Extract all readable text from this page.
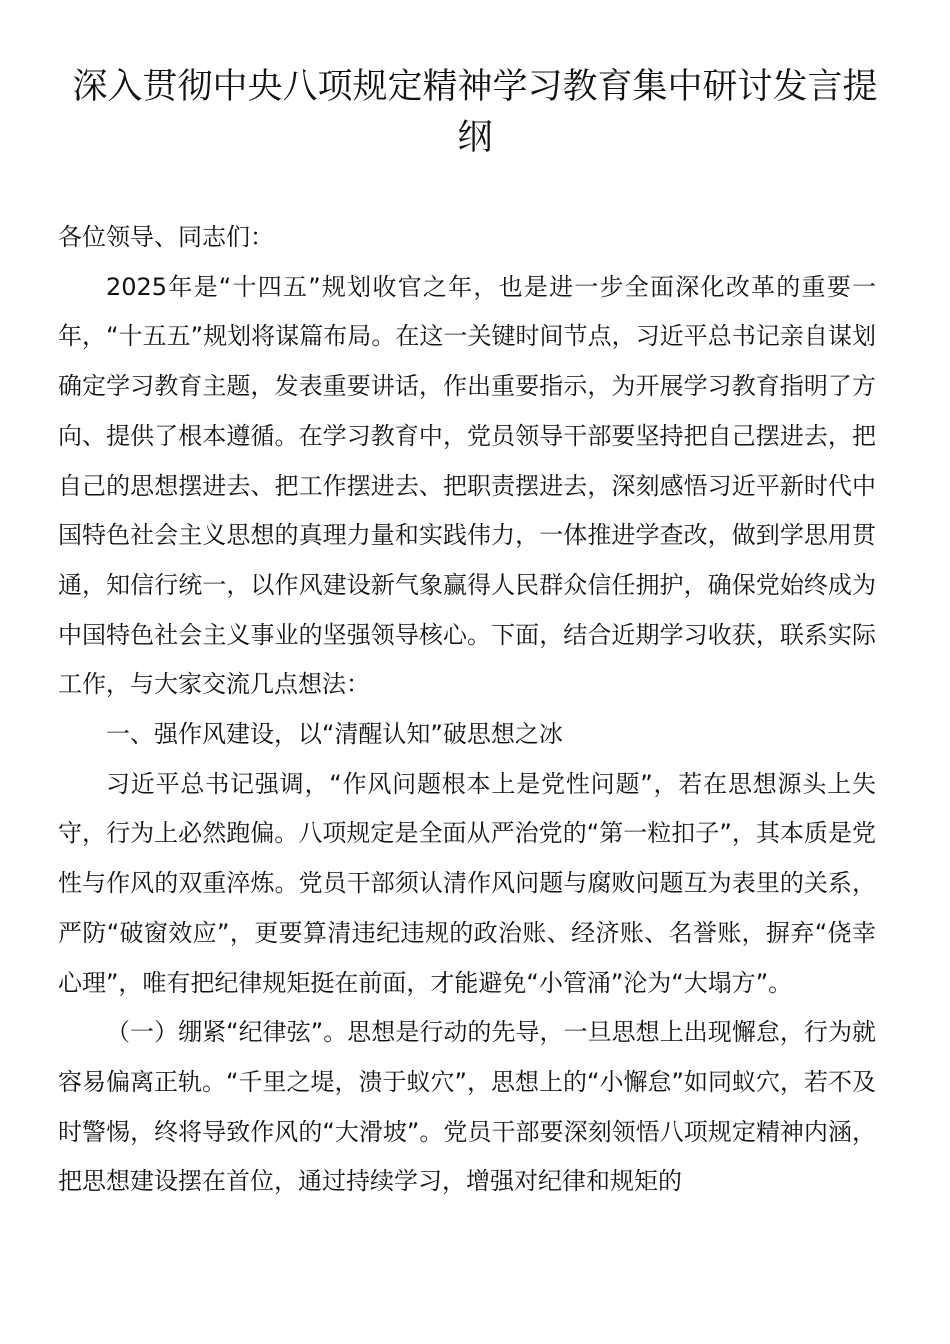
深入贯彻中央八项规定精神学习教育集中研讨发言提纲

各位领导、同志们：

2025年是“十四五”规划收官之年，也是进一步全面深化改革的重要一年，“十五五”规划将谋篇布局。在这一关键时间节点，习近平总书记亲自谋划确定学习教育主题，发表重要讲话，作出重要指示，为开展学习教育指明了方向、提供了根本遵循。在学习教育中，党员领导干部要坚持把自己摆进去，把自己的思想摆进去、把工作摆进去、把职责摆进去，深刻感悟习近平新时代中国特色社会主义思想的真理力量和实践伟力，一体推进学查改，做到学思用贯通，知信行统一，以作风建设新气象赢得人民群众信任拥护，确保党始终成为中国特色社会主义事业的坚强领导核心。下面，结合近期学习收获，联系实际工作，与大家交流几点想法：

一、强作风建设，以“清醒认知”破思想之冰

习近平总书记强调，“作风问题根本上是党性问题”，若在思想源头上失守，行为上必然跑偏。八项规定是全面从严治党的“第一粒扣子”，其本质是党性与作风的双重淬炼。党员干部须认清作风问题与腐败问题互为表里的关系，严防“破窗效应”，更要算清违纪违规的政治账、经济账、名誉账，摒弃“侥幸心理”，唯有把纪律规矩挺在前面，才能避免“小管涌”沦为“大塌方”。

（一）绷紧“纪律弦”。思想是行动的先导，一旦思想上出现懈怠，行为就容易偏离正轨。“千里之堤，溃于蚁穴”，思想上的“小懈怠”如同蚁穴，若不及时警惕，终将导致作风的“大滑坡”。党员干部要深刻领悟八项规定精神内涵，把思想建设摆在首位，通过持续学习，增强对纪律和规矩的
